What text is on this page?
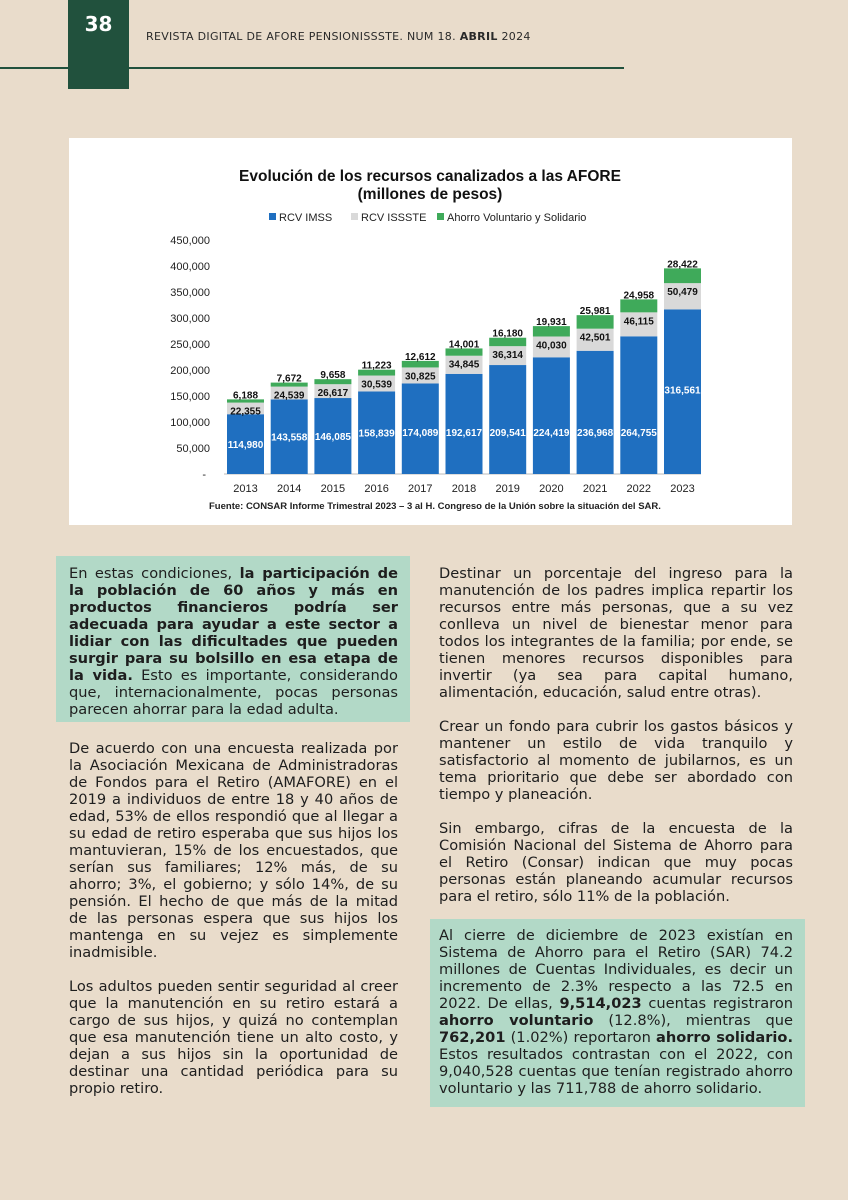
38
REVISTA DIGITAL DE AFORE PENSIONISSSTE. NUM 18. ABRIL 2024
Evolución de los recursos canalizados a las AFORE
(millones de pesos)
RCV IMSS	RCV ISSSTE Ahorro Voluntario y Solidario
-
50,000
100,000
150,000
200,000
250,000
300,000
350,000
400,000
450,000
114,980
22,355
6,188
2013
143,558
24,539
7,672
2014
146,085
26,617
9,658
2015
158,839
30,539
11,223
2016
174,089
30,825
12,612
2017
192,617
34,845
14,001
2018
209,541
36,314
16,180
2019
224,419
40,030
19,931
2020
236,968
42,501
25,981
2021
264,755
46,115
24,958
2022
316,561
50,479
28,422
2023
Fuente: CONSAR Informe Trimestral 2023 – 3 al H. Congreso de la Unión sobre la situación del SAR.

En estas condiciones, la participación de la población de 60 años y más en productos financieros podría ser adecuada para ayudar a este sector a lidiar con las dificultades que pueden surgir para su bolsillo en esa etapa de la vida. Esto es importante, considerando que, internacionalmente, pocas personas parecen ahorrar para la edad adulta.

De acuerdo con una encuesta realizada por la Asociación Mexicana de Administradoras de Fondos para el Retiro (AMAFORE) en el 2019 a individuos de entre 18 y 40 años de edad, 53% de ellos respondió que al llegar a su edad de retiro esperaba que sus hijos los mantuvieran, 15% de los encuestados, que serían sus familiares; 12% más, de su ahorro; 3%, el gobierno; y sólo 14%, de su pensión. El hecho de que más de la mitad de las personas espera que sus hijos los mantenga en su vejez es simplemente inadmisible.

Los adultos pueden sentir seguridad al creer que la manutención en su retiro estará a cargo de sus hijos, y quizá no contemplan que esa manutención tiene un alto costo, y dejan a sus hijos sin la oportunidad de destinar una cantidad periódica para su propio retiro.

Destinar un porcentaje del ingreso para la manutención de los padres implica repartir los recursos entre más personas, que a su vez conlleva un nivel de bienestar menor para todos los integrantes de la familia; por ende, se tienen menores recursos disponibles para invertir (ya sea para capital humano, alimentación, educación, salud entre otras).

Crear un fondo para cubrir los gastos básicos y mantener un estilo de vida tranquilo y satisfactorio al momento de jubilarnos, es un tema prioritario que debe ser abordado con tiempo y planeación.

Sin embargo, cifras de la encuesta de la Comisión Nacional del Sistema de Ahorro para el Retiro (Consar) indican que muy pocas personas están planeando acumular recursos para el retiro, sólo 11% de la población.

Al cierre de diciembre de 2023 existían en Sistema de Ahorro para el Retiro (SAR) 74.2 millones de Cuentas Individuales, es decir un incremento de 2.3% respecto a las 72.5 en 2022. De ellas, 9,514,023 cuentas registraron ahorro voluntario (12.8%), mientras que 762,201 (1.02%) reportaron ahorro solidario. Estos resultados contrastan con el 2022, con 9,040,528 cuentas que tenían registrado ahorro voluntario y las 711,788 de ahorro solidario.
